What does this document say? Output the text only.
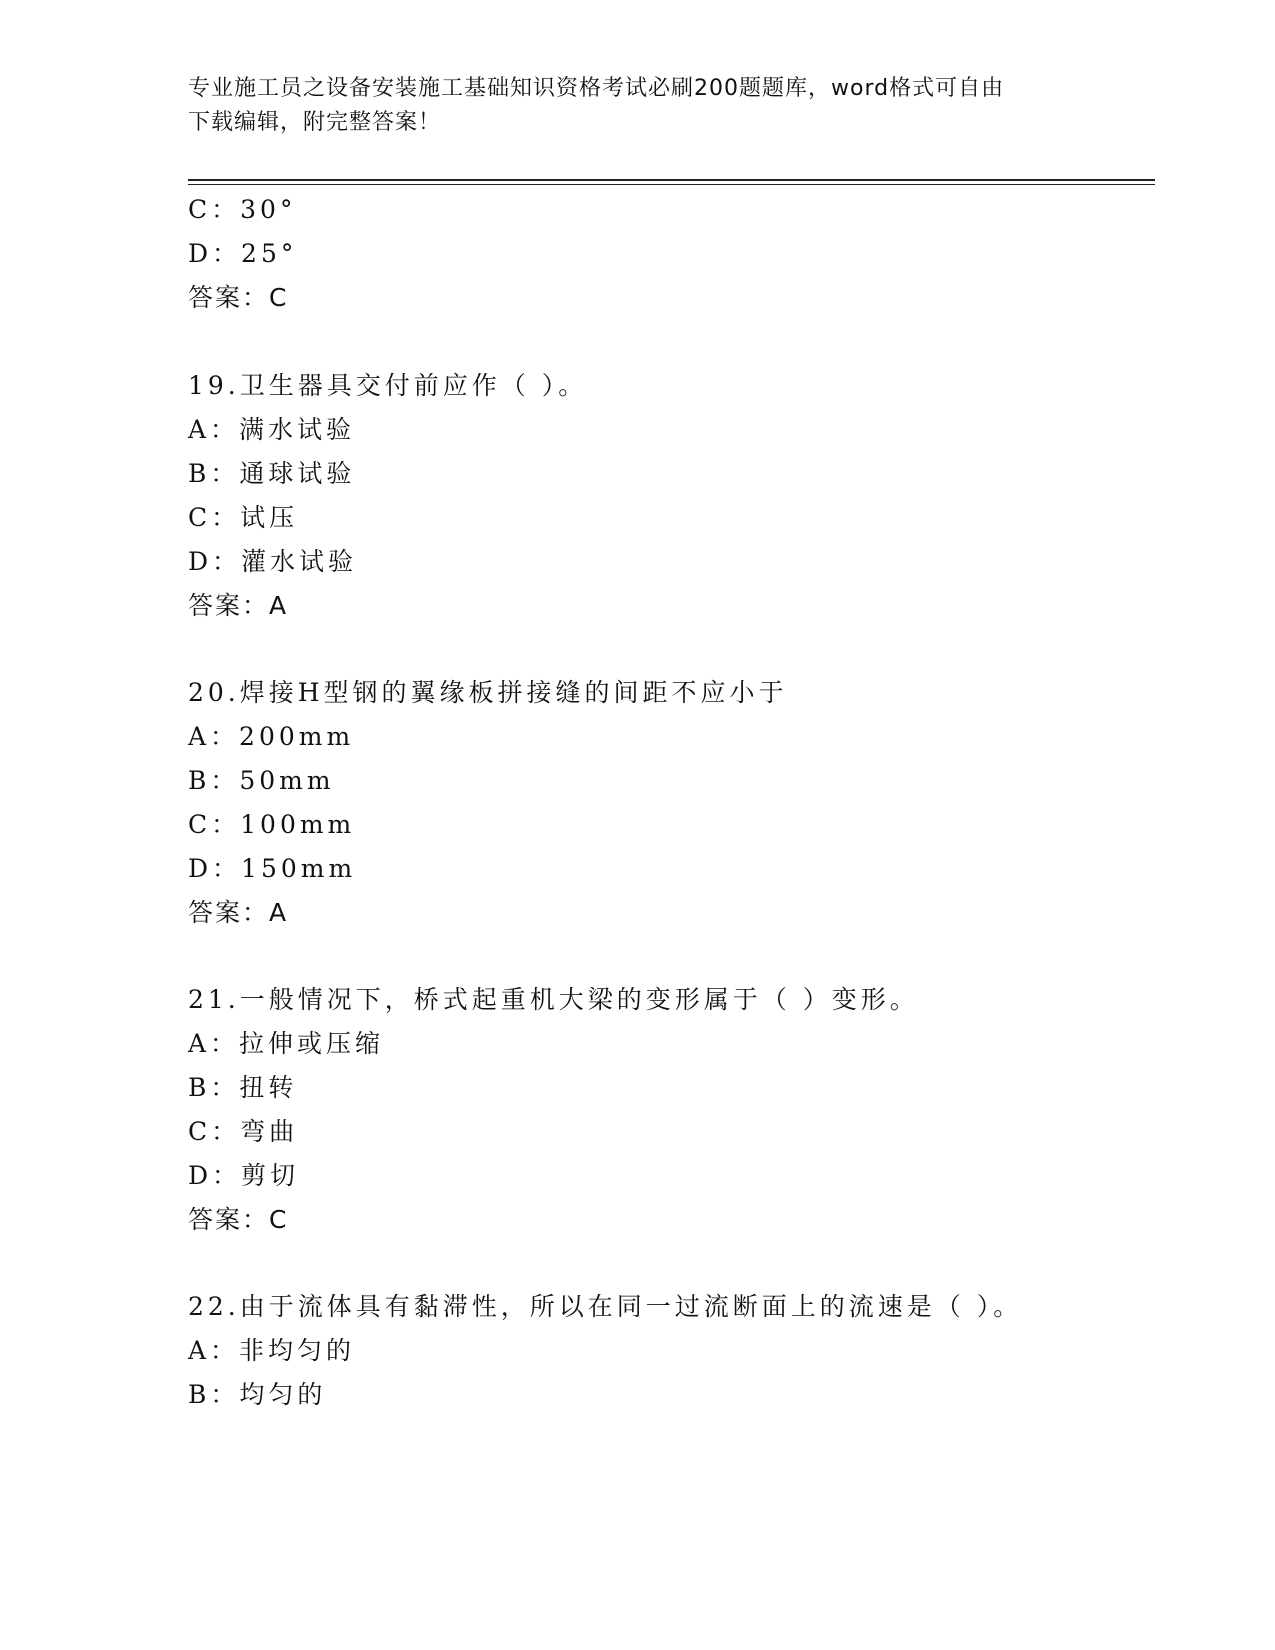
专业施工员之设备安装施工基础知识资格考试必刷200题题库，word格式可自由
下载编辑，附完整答案！
C：30°
D：25°
答案：C
19.卫生器具交付前应作（ ）。
A：满水试验
B：通球试验
C：试压
D：灌水试验
答案：A
20.焊接H型钢的翼缘板拼接缝的间距不应小于
A：200mm
B：50mm
C：100mm
D：150mm
答案：A
21.一般情况下，桥式起重机大梁的变形属于（ ）变形。
A：拉伸或压缩
B：扭转
C：弯曲
D：剪切
答案：C
22.由于流体具有黏滞性，所以在同一过流断面上的流速是（ ）。
A：非均匀的
B：均匀的
